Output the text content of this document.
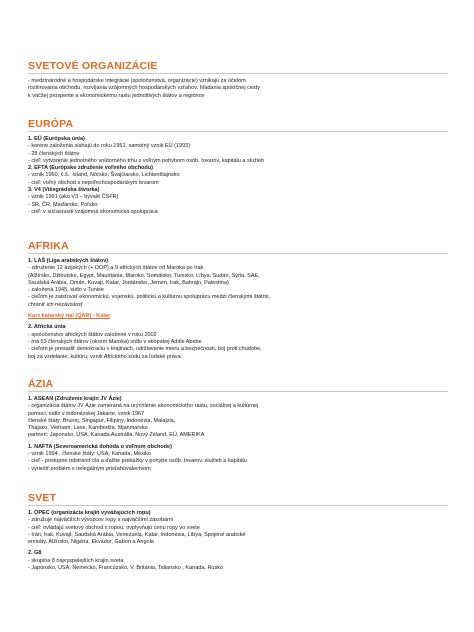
SVETOVÉ ORGANIZÁCIE
- medzinárodné a hospodárske integrácie (spoločenstvá, organizácie) vznikajú za účelom
rozširovania obchodu, rozvíjania vzájomných hospodárskych vzťahov, hľadania spoločnej cesty
k väčšej prosperite a ekonomickému rastu jednotlivých štátov a regiónov
EURÓPA
1. EÚ (Európska únia)
- korene založenia siahajú do roku 1951, samotný vznik EÚ (1993)
- 28 členských štátov
- cieľ: vytvorenie jednotného vnútorného trhu s voľným pohybom osôb, tovarov, kapitálu a služieb
2. EFTA (Európske združenie voľného obchodu)
- vznik 1960, č.š.: Island, Nórsko, Švajčiarsko, Lichtenštajnsko
- cieľ: voľný obchod s nepoľnohospodárskym tovarom
3. V4 (Višegrádska štvorka)
- vznik 1991 (ako V3 – bývalé ČSFR)
- SR, ČR, Maďarsko, Poľsko
- cieľ: v súčasnosti vzájomná ekonomická spolupráca
AFRIKA
1. LAŠ (Liga arabských štátov)
- združenie 12 ázijských (+ OOP) a 9 afrických štátov od Maroka po Irak
(Alžírsko, Džibutsko, Egypt, Mauritánia, Maroko, Somálsko, Tunisko, Líbya, Sudán, Sýria, SAE,
Saudská Arábia, Omán, Kuvajt, Katar, Jordánsko, Jemen, Irak, Bahrajn, Palestína)
- založená 1945, sídlo v Tunise
- cieľom je zaisťovať ekonomickú, vojenskú, politickú a kultúrnu spoluprácu medzi členskými štátmi,
chrániť ich nezávislosť
Kurz katarský rial (QAR) - Katar
2. Africká únia
- spoločenstvo afrických štátov založené v roku 2002
- má 53 členských štátov (okrem Maroka) sídlo v etiópskej Addis Abebe
- cieľom je presadiť demokraciu v krajinách, udržiavanie mieru a bezpečnosti, boj proti chudobe,
boj za vzdelanie, kultúru, vznik Afrického súdu za ľudské práva
ÁZIA
1. ASEAN (Združenie krajín JV Ázie)
- organizácia štátov JV Ázie zameraná na urýchlenie ekonomického rastu, sociálnej a kultúrnej
pomoci, sídlo v indonézskej Jakarte, vznik 1967
členské štáty: Brunej, Singapur, Filipíny, Indonézia, Malajzia,
Thajsko, Vietnam, Laos, Kambodža, Mjanmarsko
partneri: Japonsko, USA, Kanada Austrália, Nový Zéland, EÚ, AMERIKA
1. NAFTA (Severoamerická dohoda o voľnom obchode)
- vznik 1994 , členské štáty: USA, Kanada, Mexiko
- cieľ - postupne odstrániť clá a ďalšie prekážky v pohybe osôb, tovarov, služieb a kapitálu
- vyriešiť problém s nelegálnym prisťahovalectvom
SVET
1. OPEC (organizácia krajín vyvážajúcich ropu)
- združuje najväčších vývozcov ropy s najväčšími zásobami
- cieľ: ovládajú svetový obchod s ropou, ovplyvňujú cenu ropy vo svete
- Irán, Irak, Kuvajt, Saudská Arábia, Venezuela, Katar, Indonézia, Líbya, Spojené arabské
emiráty, Alžírsko, Nigéria, Ekvádor, Gabon a Angola
2. G8
- skupina 8 najvyspelejších krajín sveta
- Japonsko, USA, Nemecko, Francúzsko, V. Británia, Taliansko , Kanada, Rusko
